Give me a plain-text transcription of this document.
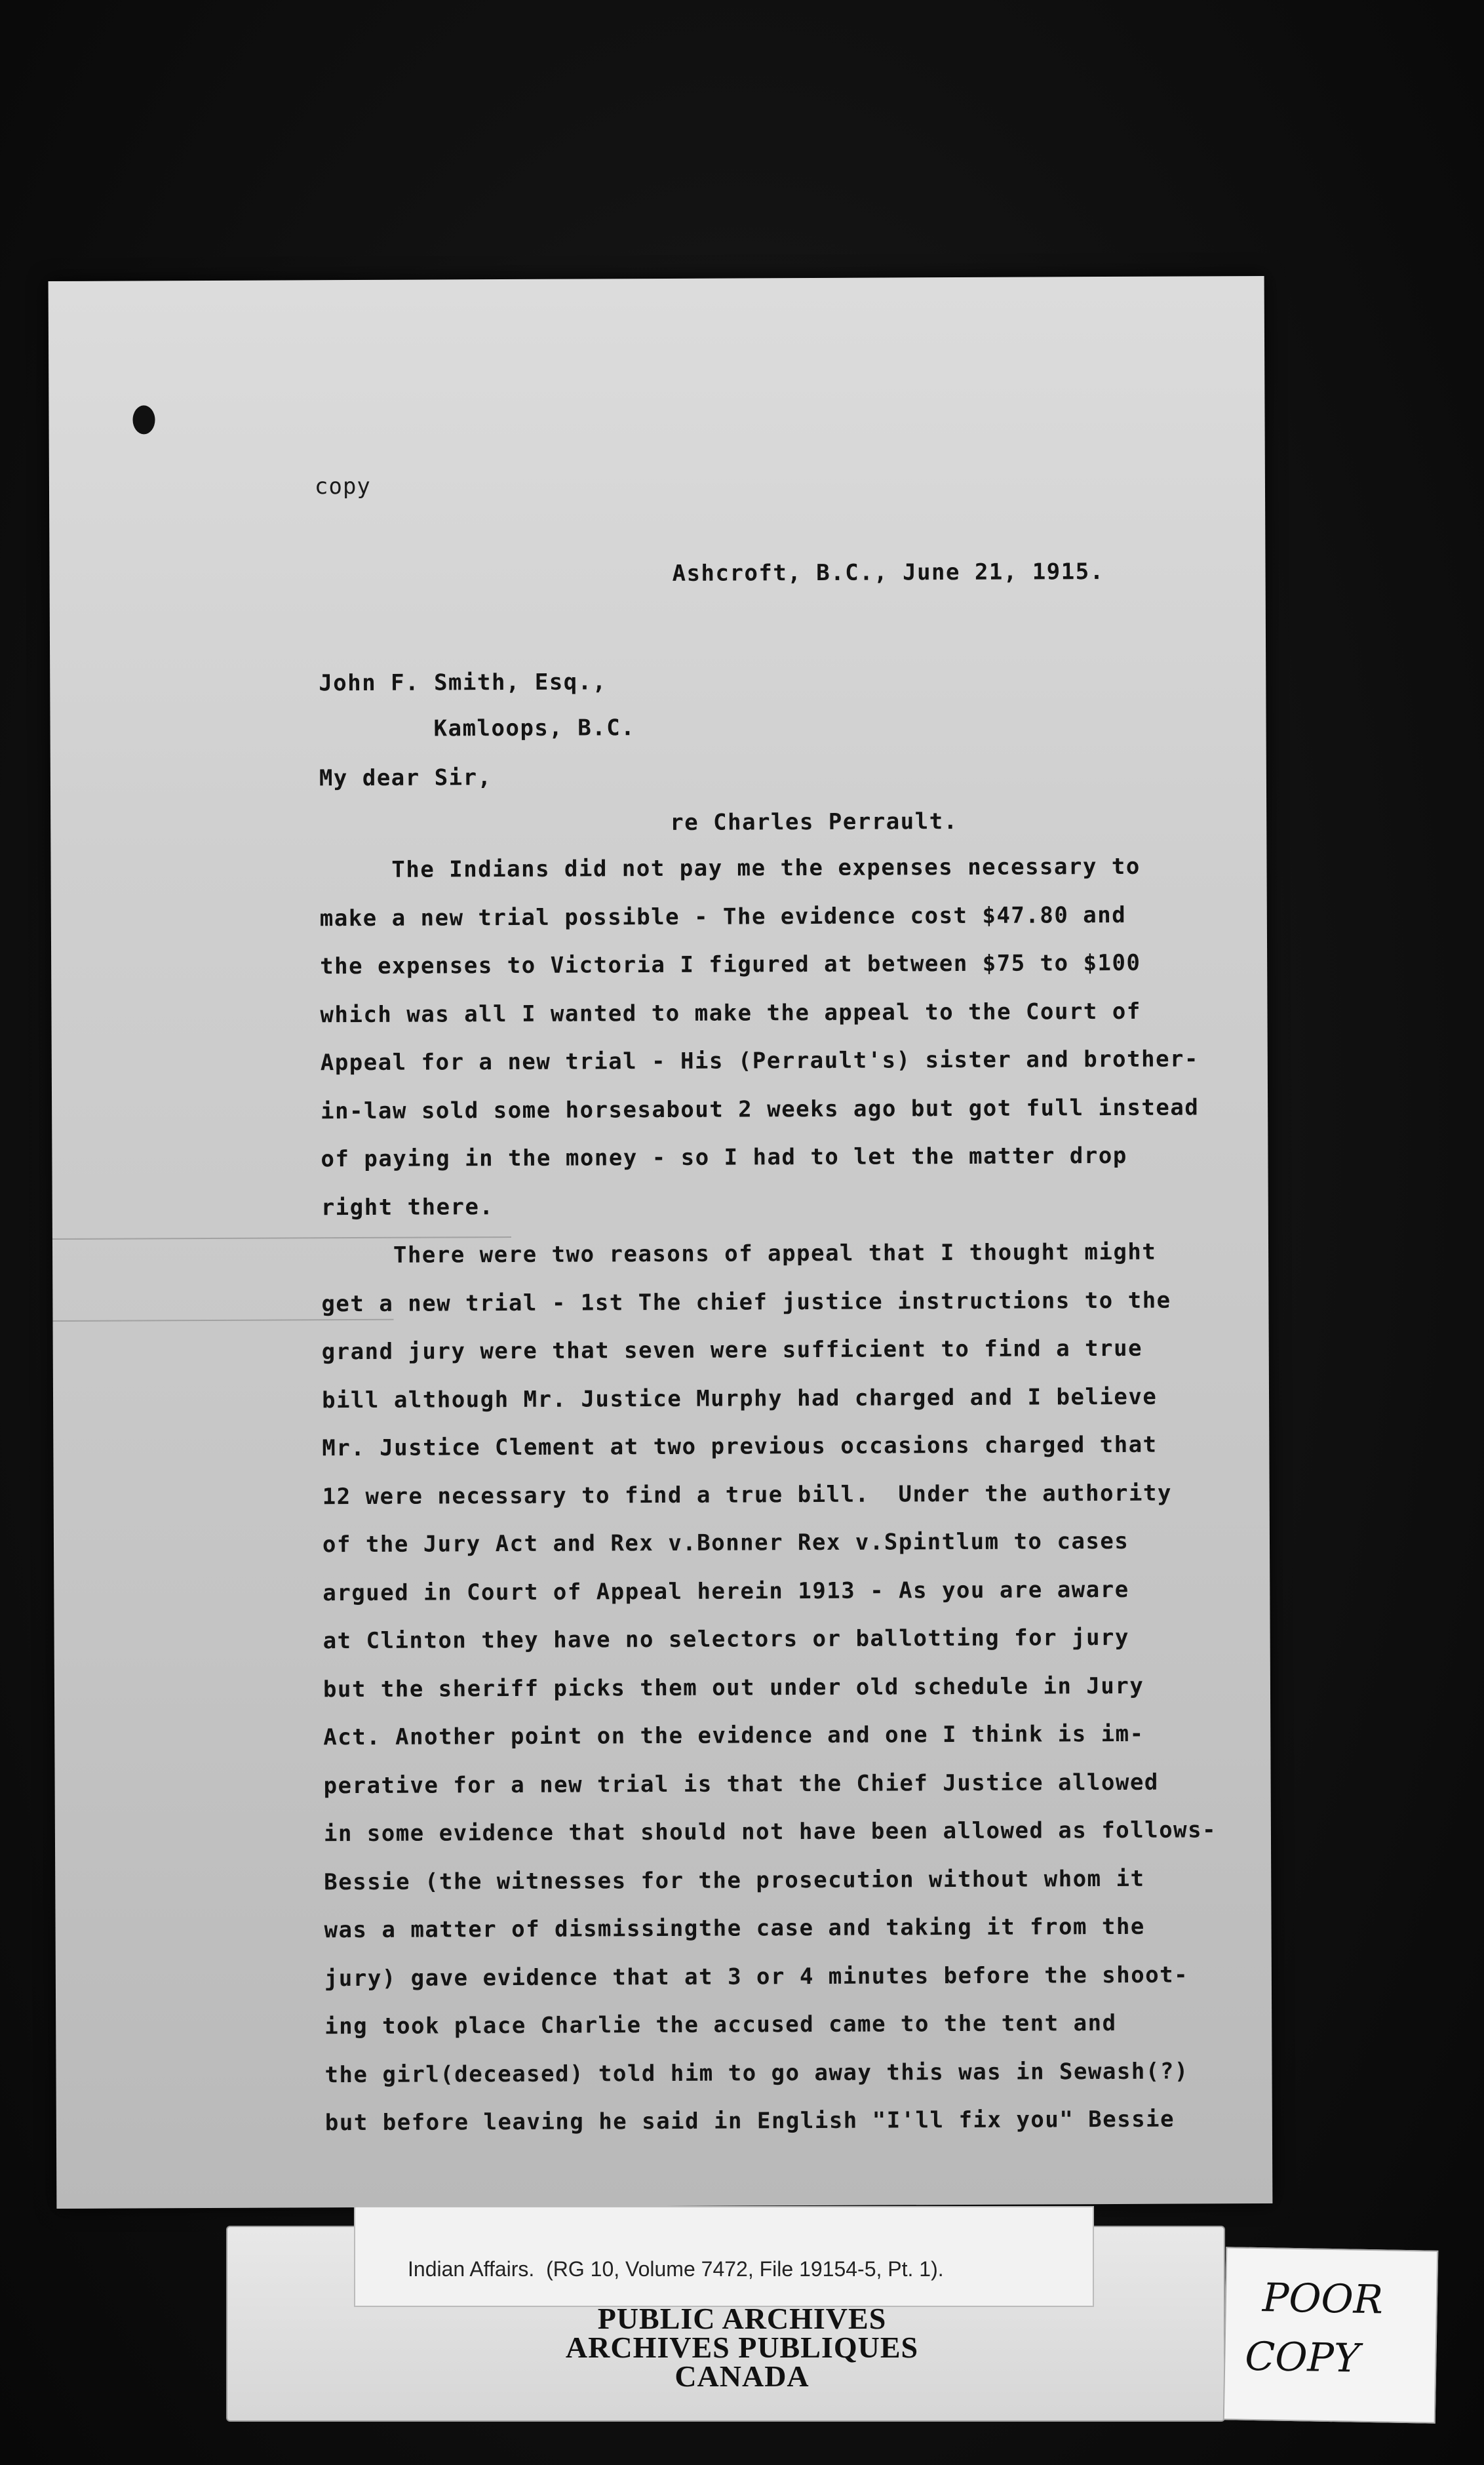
copy
Ashcroft, B.C., June 21, 1915.
John F. Smith, Esq.,
Kamloops, B.C.
My dear Sir,
re Charles Perrault.
The Indians did not pay me the expenses necessary to
make a new trial possible - The evidence cost $47.80 and
the expenses to Victoria I figured at between $75 to $100
which was all I wanted to make the appeal to the Court of
Appeal for a new trial - His (Perrault's) sister and brother-
in-law sold some horsesabout 2 weeks ago but got full instead
of paying in the money - so I had to let the matter drop
right there.
There were two reasons of appeal that I thought might
get a new trial - 1st The chief justice instructions to the
grand jury were that seven were sufficient to find a true
bill although Mr. Justice Murphy had charged and I believe
Mr. Justice Clement at two previous occasions charged that
12 were necessary to find a true bill.  Under the authority
of the Jury Act and Rex v.Bonner Rex v.Spintlum to cases
argued in Court of Appeal herein 1913 - As you are aware
at Clinton they have no selectors or ballotting for jury
but the sheriff picks them out under old schedule in Jury
Act. Another point on the evidence and one I think is im-
perative for a new trial is that the Chief Justice allowed
in some evidence that should not have been allowed as follows-
Bessie (the witnesses for the prosecution without whom it
was a matter of dismissingthe case and taking it from the
jury) gave evidence that at 3 or 4 minutes before the shoot-
ing took place Charlie the accused came to the tent and
the girl(deceased) told him to go away this was in Sewash(?)
but before leaving he said in English "I'll fix you" Bessie
Indian Affairs.  (RG 10, Volume 7472, File 19154-5, Pt. 1).
PUBLIC ARCHIVES
ARCHIVES PUBLIQUES
CANADA
POOR
COPY
